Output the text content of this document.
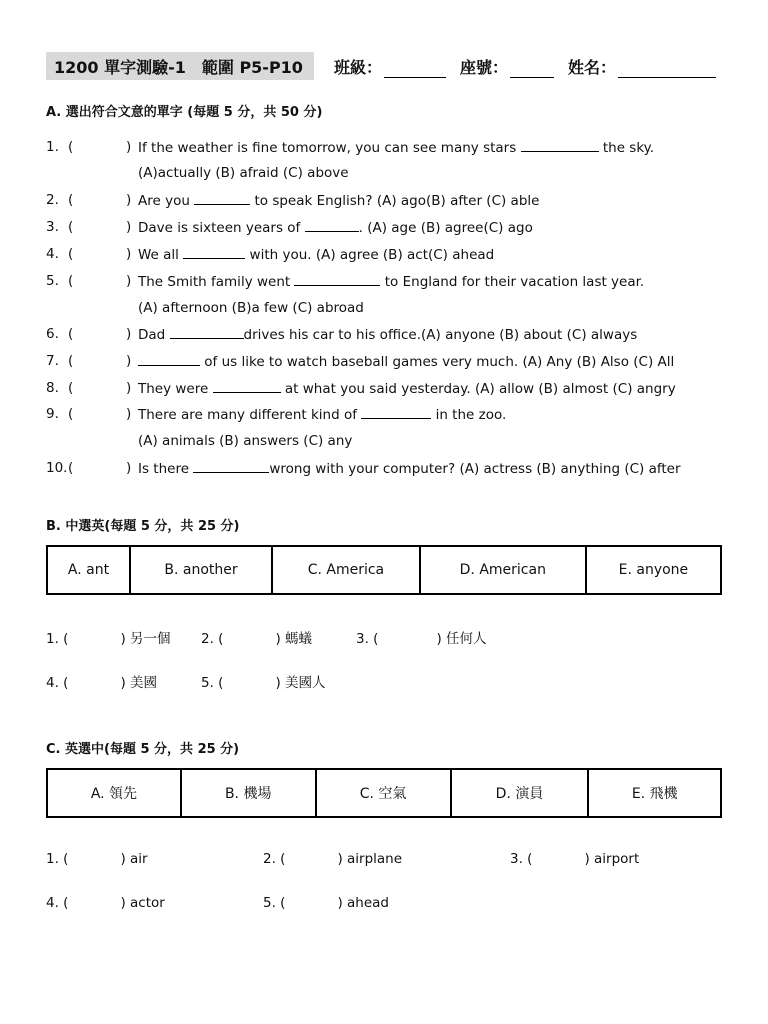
1200 單字測驗-1　範圍 P5-P10 班級：	座號：	姓名：
A. 選出符合文意的單字 (每題 5 分，共 50 分)
1. (	) If the weather is fine tomorrow, you can see many stars	the sky.
(A)actually (B) afraid (C) above
2. (	) Are you	to speak English? (A) ago(B) after (C) able
3. (	) Dave is sixteen years of	. (A) age (B) agree(C) ago
4. (	) We all	with you. (A) agree (B) act(C) ahead
5. (	) The Smith family went	to England for their vacation last year.
(A) afternoon (B)a few (C) abroad
6. (	) Dad	drives his car to his office.(A) anyone (B) about (C) always
7. (	)	of us like to watch baseball games very much. (A) Any (B) Also (C) All
8. (	) They were	at what you said yesterday. (A) allow (B) almost (C) angry
9. (	) There are many different kind of	in the zoo.
(A) animals (B) answers (C) any
10. (	) Is there	wrong with your computer? (A) actress (B) anything (C) after
B. 中選英(每題 5 分，共 25 分)
A. ant	B. another	C. America	D. American	E. anyone
1. (	) 另一個 2. (	) 螞蟻	3. (	) 任何人
4. (	) 美國	5. (	) 美國人
C. 英選中(每題 5 分，共 25 分)
A. 領先	B. 機場	C. 空氣	D. 演員	E. 飛機
1. (	) air	2. (	) airplane	3. (	) airport
4. (	) actor	5. (	) ahead
